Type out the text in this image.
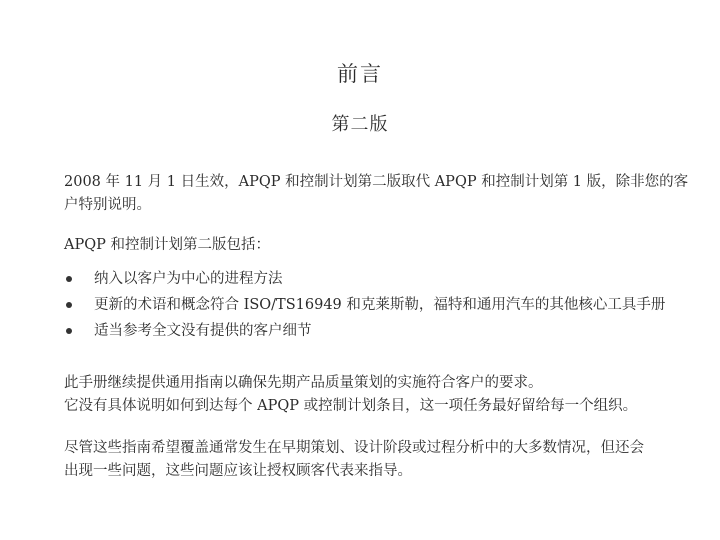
前言
第二版
2008 年 11 月 1 日生效，APQP 和控制计划第二版取代 APQP 和控制计划第 1 版，除非您的客
户特别说明。
APQP 和控制计划第二版包括：
纳入以客户为中心的进程方法
更新的术语和概念符合 ISO/TS16949 和克莱斯勒，福特和通用汽车的其他核心工具手册
适当参考全文没有提供的客户细节
此手册继续提供通用指南以确保先期产品质量策划的实施符合客户的要求。
它没有具体说明如何到达每个 APQP 或控制计划条目，这一项任务最好留给每一个组织。
尽管这些指南希望覆盖通常发生在早期策划、设计阶段或过程分析中的大多数情况，但还会
出现一些问题，这些问题应该让授权顾客代表来指导。
